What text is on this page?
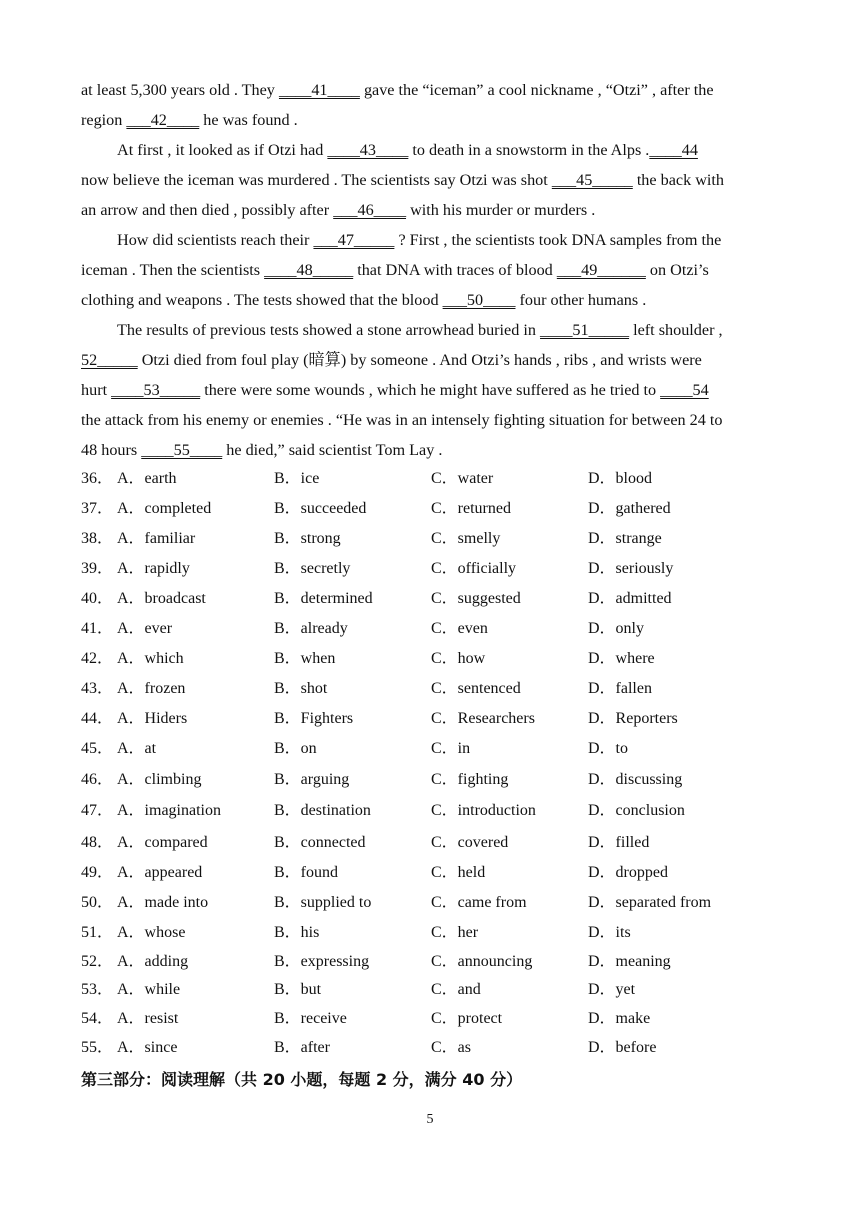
at least 5,300 years old . They ____41____ gave the “iceman” a cool nickname , “Otzi” , after the
region ___42____ he was found .
At first , it looked as if Otzi had ____43____ to death in a snowstorm in the Alps .____44
now believe the iceman was murdered . The scientists say Otzi was shot ___45_____ the back with
an arrow and then died , possibly after ___46____ with his murder or murders .
How did scientists reach their ___47_____ ? First , the scientists took DNA samples from the
iceman . Then the scientists ____48_____ that DNA with traces of blood ___49______ on Otzi’s
clothing and weapons . The tests showed that the blood ___50____ four other humans .
The results of previous tests showed a stone arrowhead buried in ____51_____ left shoulder ,
52_____ Otzi died from foul play (暗算) by someone . And Otzi’s hands , ribs , and wrists were
hurt ____53_____ there were some wounds , which he might have suffered as he tried to ____54
the attack from his enemy or enemies . “He was in an intensely fighting situation for between 24 to
48 hours ____55____ he died,” said scientist Tom Lay .
36． A．earth	B．ice	C．water	D．blood
37． A．completed	B．succeeded	C．returned	D．gathered
38． A．familiar	B．strong	C．smelly	D．strange
39． A．rapidly	B．secretly	C．officially	D．seriously
40． A．broadcast	B．determined	C．suggested	D．admitted
41． A．ever	B．already	C．even	D．only
42． A．which	B．when	C．how	D．where
43． A．frozen	B．shot	C．sentenced	D．fallen
44． A．Hiders	B．Fighters	C．Researchers	D．Reporters
45． A．at	B．on	C．in	D．to
46． A．climbing	B．arguing	C．fighting	D．discussing
47． A．imagination	B．destination	C．introduction	D．conclusion
48． A．compared	B．connected	C．covered	D．filled
49． A．appeared	B．found	C．held	D．dropped
50． A．made into	B．supplied to	C．came from	D．separated from
51． A．whose	B．his	C．her	D．its
52． A．adding	B．expressing	C．announcing	D．meaning
53． A．while	B．but	C．and	D．yet
54． A．resist	B．receive	C．protect	D．make
55． A．since	B．after	C．as	D．before
第三部分：阅读理解（共 20 小题，每题 2 分，满分 40 分）
5
